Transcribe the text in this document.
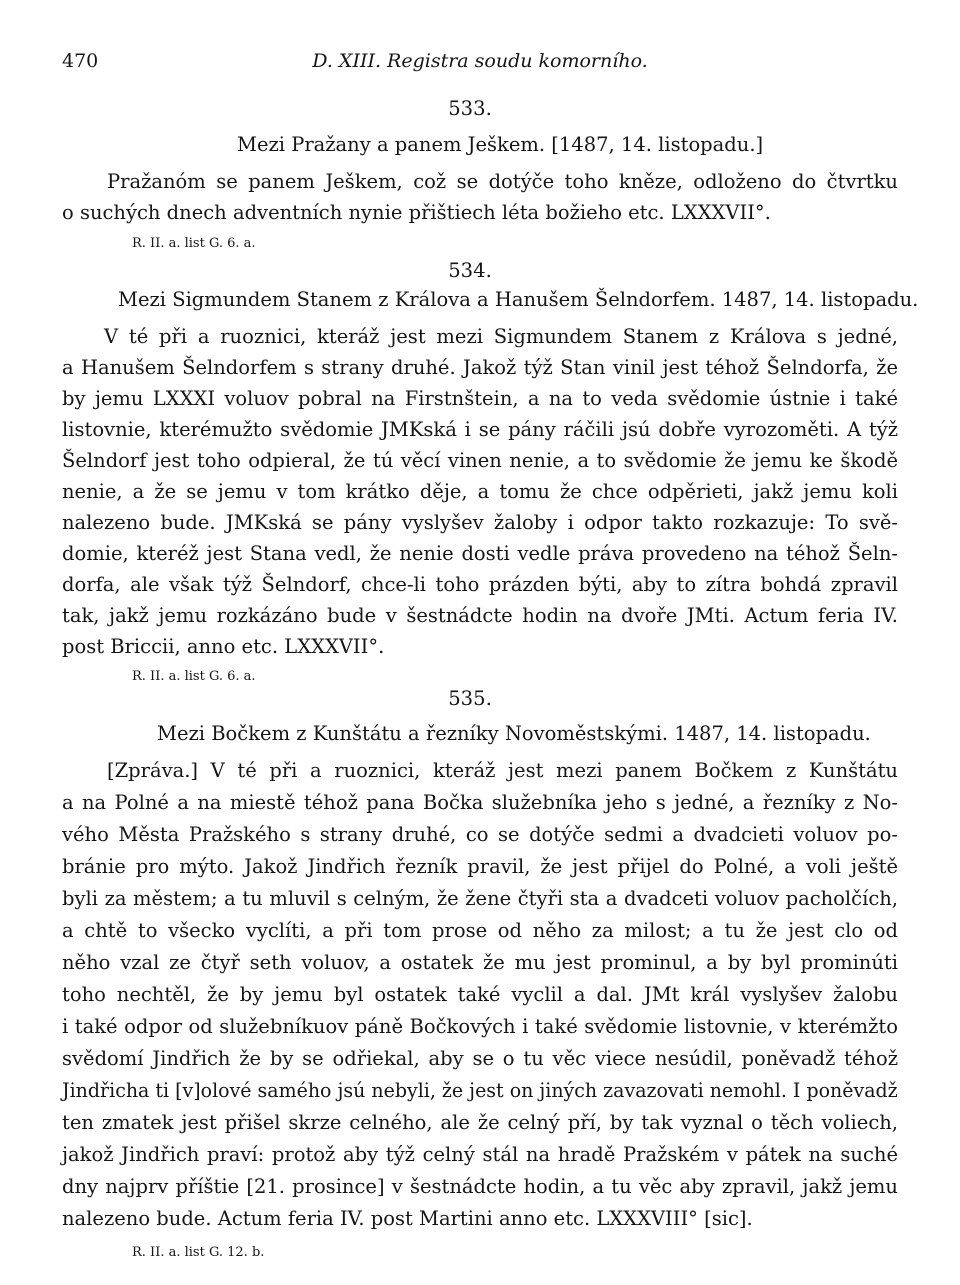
470	D. XIII. Registra soudu komorního.
533.
Mezi Pražany a panem Ješkem. [1487, 14. listopadu.]
Pražanóm se panem Ješkem, což se dotýče toho kněze, odloženo do čtvrtku
o suchých dnech adventních nynie přištiech léta božieho etc. LXXXVII°.
R. II. a. list G. 6. a.
534.
Mezi Sigmundem Stanem z Králova a Hanušem Šelndorfem. 1487, 14. listopadu.
V té při a ruoznici, kteráž jest mezi Sigmundem Stanem z Králova s jedné,
a Hanušem Šelndorfem s strany druhé. Jakož týž Stan vinil jest téhož Šelndorfa, že
by jemu LXXXI voluov pobral na Firstnštein, a na to veda svědomie ústnie i také
listovnie, kterémužto svědomie JMKská i se pány ráčili jsú dobře vyrozoměti. A týž
Šelndorf jest toho odpieral, že tú věcí vinen nenie, a to svědomie že jemu ke škodě
nenie, a že se jemu v tom krátko děje, a tomu že chce odpěrieti, jakž jemu koli
nalezeno bude. JMKská se pány vyslyšev žaloby i odpor takto rozkazuje: To svě-
domie, kteréž jest Stana vedl, že nenie dosti vedle práva provedeno na téhož Šeln-
dorfa, ale však týž Šelndorf, chce-li toho prázden býti, aby to zítra bohdá zpravil
tak, jakž jemu rozkázáno bude v šestnádcte hodin na dvoře JMti. Actum feria IV.
post Briccii, anno etc. LXXXVII°.
R. II. a. list G. 6. a.
535.
Mezi Bočkem z Kunštátu a řezníky Novoměstskými. 1487, 14. listopadu.
[Zpráva.] V té při a ruoznici, kteráž jest mezi panem Bočkem z Kunštátu
a na Polné a na miestě téhož pana Bočka služebníka jeho s jedné, a řezníky z No-
vého Města Pražského s strany druhé, co se dotýče sedmi a dvadcieti voluov po-
bránie pro mýto. Jakož Jindřich řezník pravil, že jest přijel do Polné, a voli ještě
byli za městem; a tu mluvil s celným, že žene čtyři sta a dvadceti voluov pacholčích,
a chtě to všecko vyclíti, a při tom prose od něho za milost; a tu že jest clo od
něho vzal ze čtyř seth voluov, a ostatek že mu jest prominul, a by byl prominúti
toho nechtěl, že by jemu byl ostatek také vyclil a dal. JMt král vyslyšev žalobu
i také odpor od služebníkuov páně Bočkových i také svědomie listovnie, v kterémžto
svědomí Jindřich že by se odřiekal, aby se o tu věc viece nesúdil, poněvadž téhož
Jindřicha ti [v]olové samého jsú nebyli, že jest on jiných zavazovati nemohl. I poněvadž
ten zmatek jest přišel skrze celného, ale že celný pří, by tak vyznal o těch voliech,
jakož Jindřich praví: protož aby týž celný stál na hradě Pražském v pátek na suché
dny najprv příštie [21. prosince] v šestnádcte hodin, a tu věc aby zpravil, jakž jemu
nalezeno bude. Actum feria IV. post Martini anno etc. LXXXVIII° [sic].
R. II. a. list G. 12. b.
